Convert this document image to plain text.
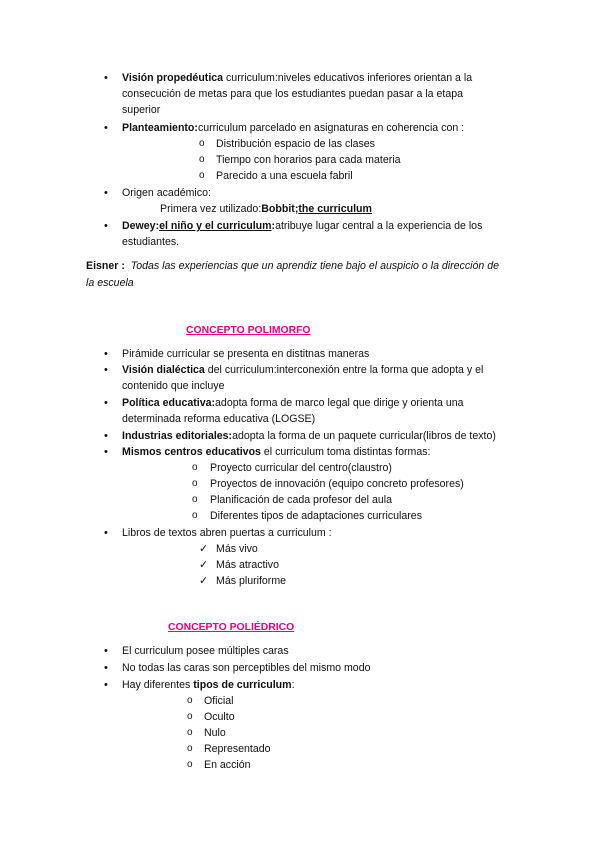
• Visión propedéutica curriculum:niveles educativos inferiores orientan a la
consecución de metas para que los estudiantes puedan pasar a la etapa
superior
• Planteamiento:curriculum parcelado en asignaturas en coherencia con :
o Distribución espacio de las clases
o Tiempo con horarios para cada materia
o Parecido a una escuela fabril
• Origen académico:
Primera vez utilizado:Bobbit;the curriculum
• Dewey:el niño y el curriculum:atribuye lugar central a la experiencia de los
estudiantes.
Eisner : Todas las experiencias que un aprendiz tiene bajo el auspicio o la dirección de
la escuela
CONCEPTO POLIMORFO
• Pirámide curricular se presenta en distitnas maneras
• Visión dialéctica del curriculum:interconexión entre la forma que adopta y el
contenido que incluye
• Política educativa:adopta forma de marco legal que dirige y orienta una
determinada reforma educativa (LOGSE)
• Industrias editoriales:adopta la forma de un paquete curricular(libros de texto)
• Mismos centros educativos el curriculum toma distintas formas:
o Proyecto curricular del centro(claustro)
o Proyectos de innovación (equipo concreto profesores)
o Planificación de cada profesor del aula
o Diferentes tipos de adaptaciones curriculares
• Libros de textos abren puertas a curriculum :
✓ Más vivo
✓ Más atractivo
✓ Más pluriforme
CONCEPTO POLIÉDRICO
• El curriculum posee múltiples caras
• No todas las caras son perceptibles del mismo modo
• Hay diferentes tipos de curriculum:
o Oficial
o Oculto
o Nulo
o Representado
o En acción
